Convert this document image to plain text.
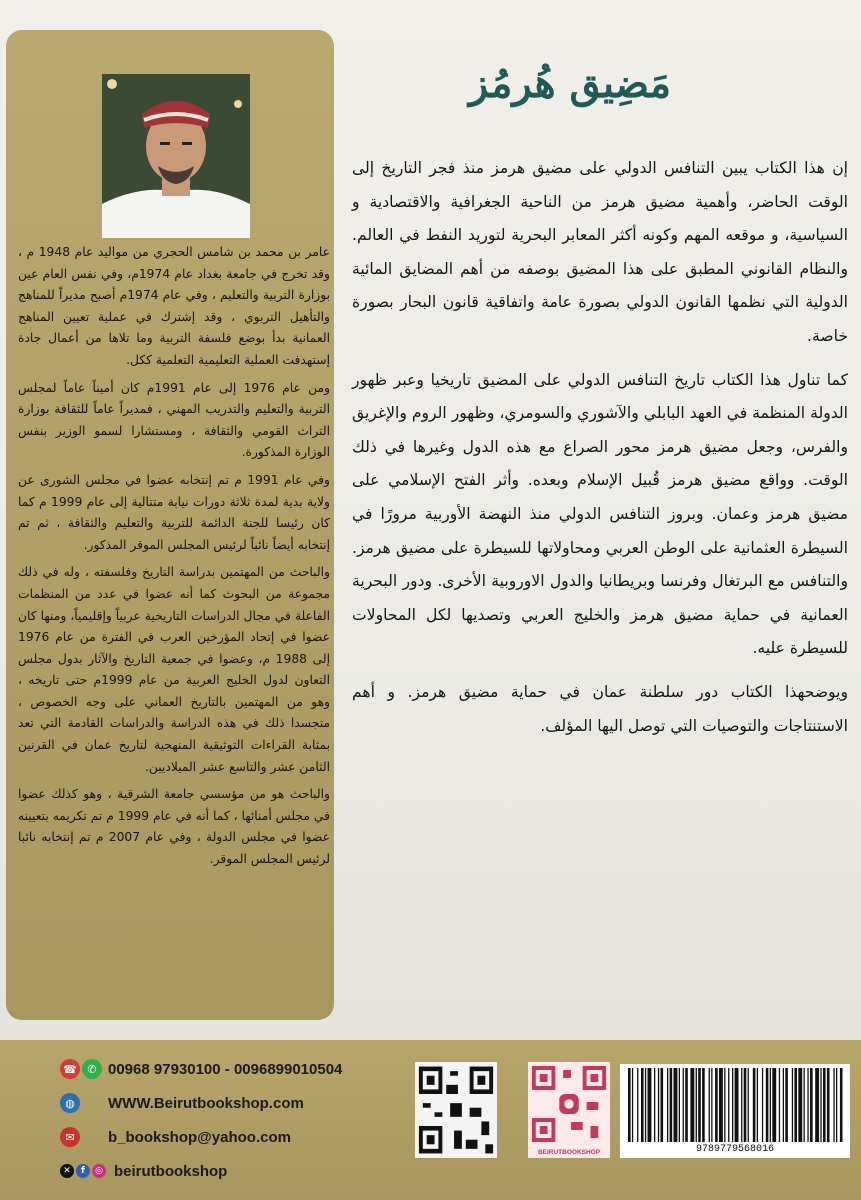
عامر بن محمد بن شامس الحجري من مواليد عام 1948 م ، وقد تخرج في جامعة بغداد عام 1974م، وفي نفس العام عين بوزارة التربية والتعليم ، وفي عام 1974م أصبح مديراً للمناهج والتأهيل التربوي ، وقد إشترك في عملية تعيين المناهج العمانية بدأ بوضع فلسفة التربية وما تلاها من أعمال جادة إستهدفت العملية التعليمية التعلمية ككل.

ومن عام 1976 إلى عام 1991م كان أميناً عاماً لمجلس التربية والتعليم والتدريب المهني ، فمديراً عاماً للثقافة بوزارة التراث القومي والثقافة ، ومستشارا لسمو الوزير بنفس الوزارة المذكورة.

وفي عام 1991 م تم إنتخابه عضوا في مجلس الشورى عن ولاية بدية لمدة ثلاثة دورات نيابة متتالية إلى عام 1999 م كما كان رئيسا للجنة الدائمة للتربية والتعليم والثقافة ، ثم تم إنتخابه أيضاً نائباً لرئيس المجلس الموقر المذكور.

والباحث من المهتمين بدراسة التاريخ وفلسفته ، وله في ذلك مجموعة من البحوث كما أنه عضوا في عدد من المنظمات الفاعلة في مجال الدراسات التاريخية عربياً وإقليمياً، ومنها كان عضوا في إتحاد المؤرخين العرب في الفترة من عام 1976 إلى 1988 م، وعضوا في جمعية التاريخ والآثار بدول مجلس التعاون لدول الخليج العربية من عام 1999م حتى تاريخه ، وهو من المهتمين بالتاريخ العماني على وجه الخصوص ، متجسدا ذلك في هذه الدراسة والدراسات القادمة التي تعد بمثابة القراءات التوثيقية المنهجية لتاريخ عمان في القرنين الثامن عشر والتاسع عشر الميلاديين.

والباحث هو من مؤسسي جامعة الشرقية ، وهو كذلك عضوا في مجلس أمنائها ، كما أنه في عام 1999 م تم تكريمه بتعيينه عضوا في مجلس الدولة ، وفي عام 2007 م تم إنتخابه نائبا لرئيس المجلس الموقر.

مَضِيق هُرمُز

إن هذا الكتاب يبين التنافس الدولي على مضيق هرمز منذ فجر التاريخ إلى الوقت الحاضر، وأهمية مضيق هرمز من الناحية الجغرافية والاقتصادية و السياسية، و موقعه المهم وكونه أكثر المعابر البحرية لتوريد النفط في العالم. والنظام القانوني المطبق على هذا المضيق بوصفه من أهم المضايق المائية الدولية التي نظمها القانون الدولي بصورة عامة واتفاقية قانون البحار بصورة خاصة.

كما تناول هذا الكتاب تاريخ التنافس الدولي على المضيق تاريخيا وعبر ظهور الدولة المنظمة في العهد البابلي والآشوري والسومري، وظهور الروم والإغريق والفرس، وجعل مضيق هرمز محور الصراع مع هذه الدول وغيرها في ذلك الوقت. وواقع مضيق هرمز قُبيل الإسلام وبعده. وأثر الفتح الإسلامي على مضيق هرمز وعمان. وبروز التنافس الدولي منذ النهضة الأوربية مرورًا في السيطرة العثمانية على الوطن العربي ومحاولاتها للسيطرة على مضيق هرمز. والتنافس مع البرتغال وفرنسا وبريطانيا والدول الاوروبية الأخرى. ودور البحرية العمانية في حماية مضيق هرمز والخليج العربي وتصديها لكل المحاولات للسيطرة عليه.

ويوضحهذا الكتاب دور سلطنة عمان في حماية مضيق هرمز. و أهم الاستنتاجات والتوصيات التي توصل اليها المؤلف.

☎ ✆ 00968 97930100 - 0096899010504
◍	WWW.Beirutbookshop.com
✉	b_bookshop@yahoo.com
✕	f	◎ beirutbookshop
BEIRUTBOOKSHOP	9789779568016
